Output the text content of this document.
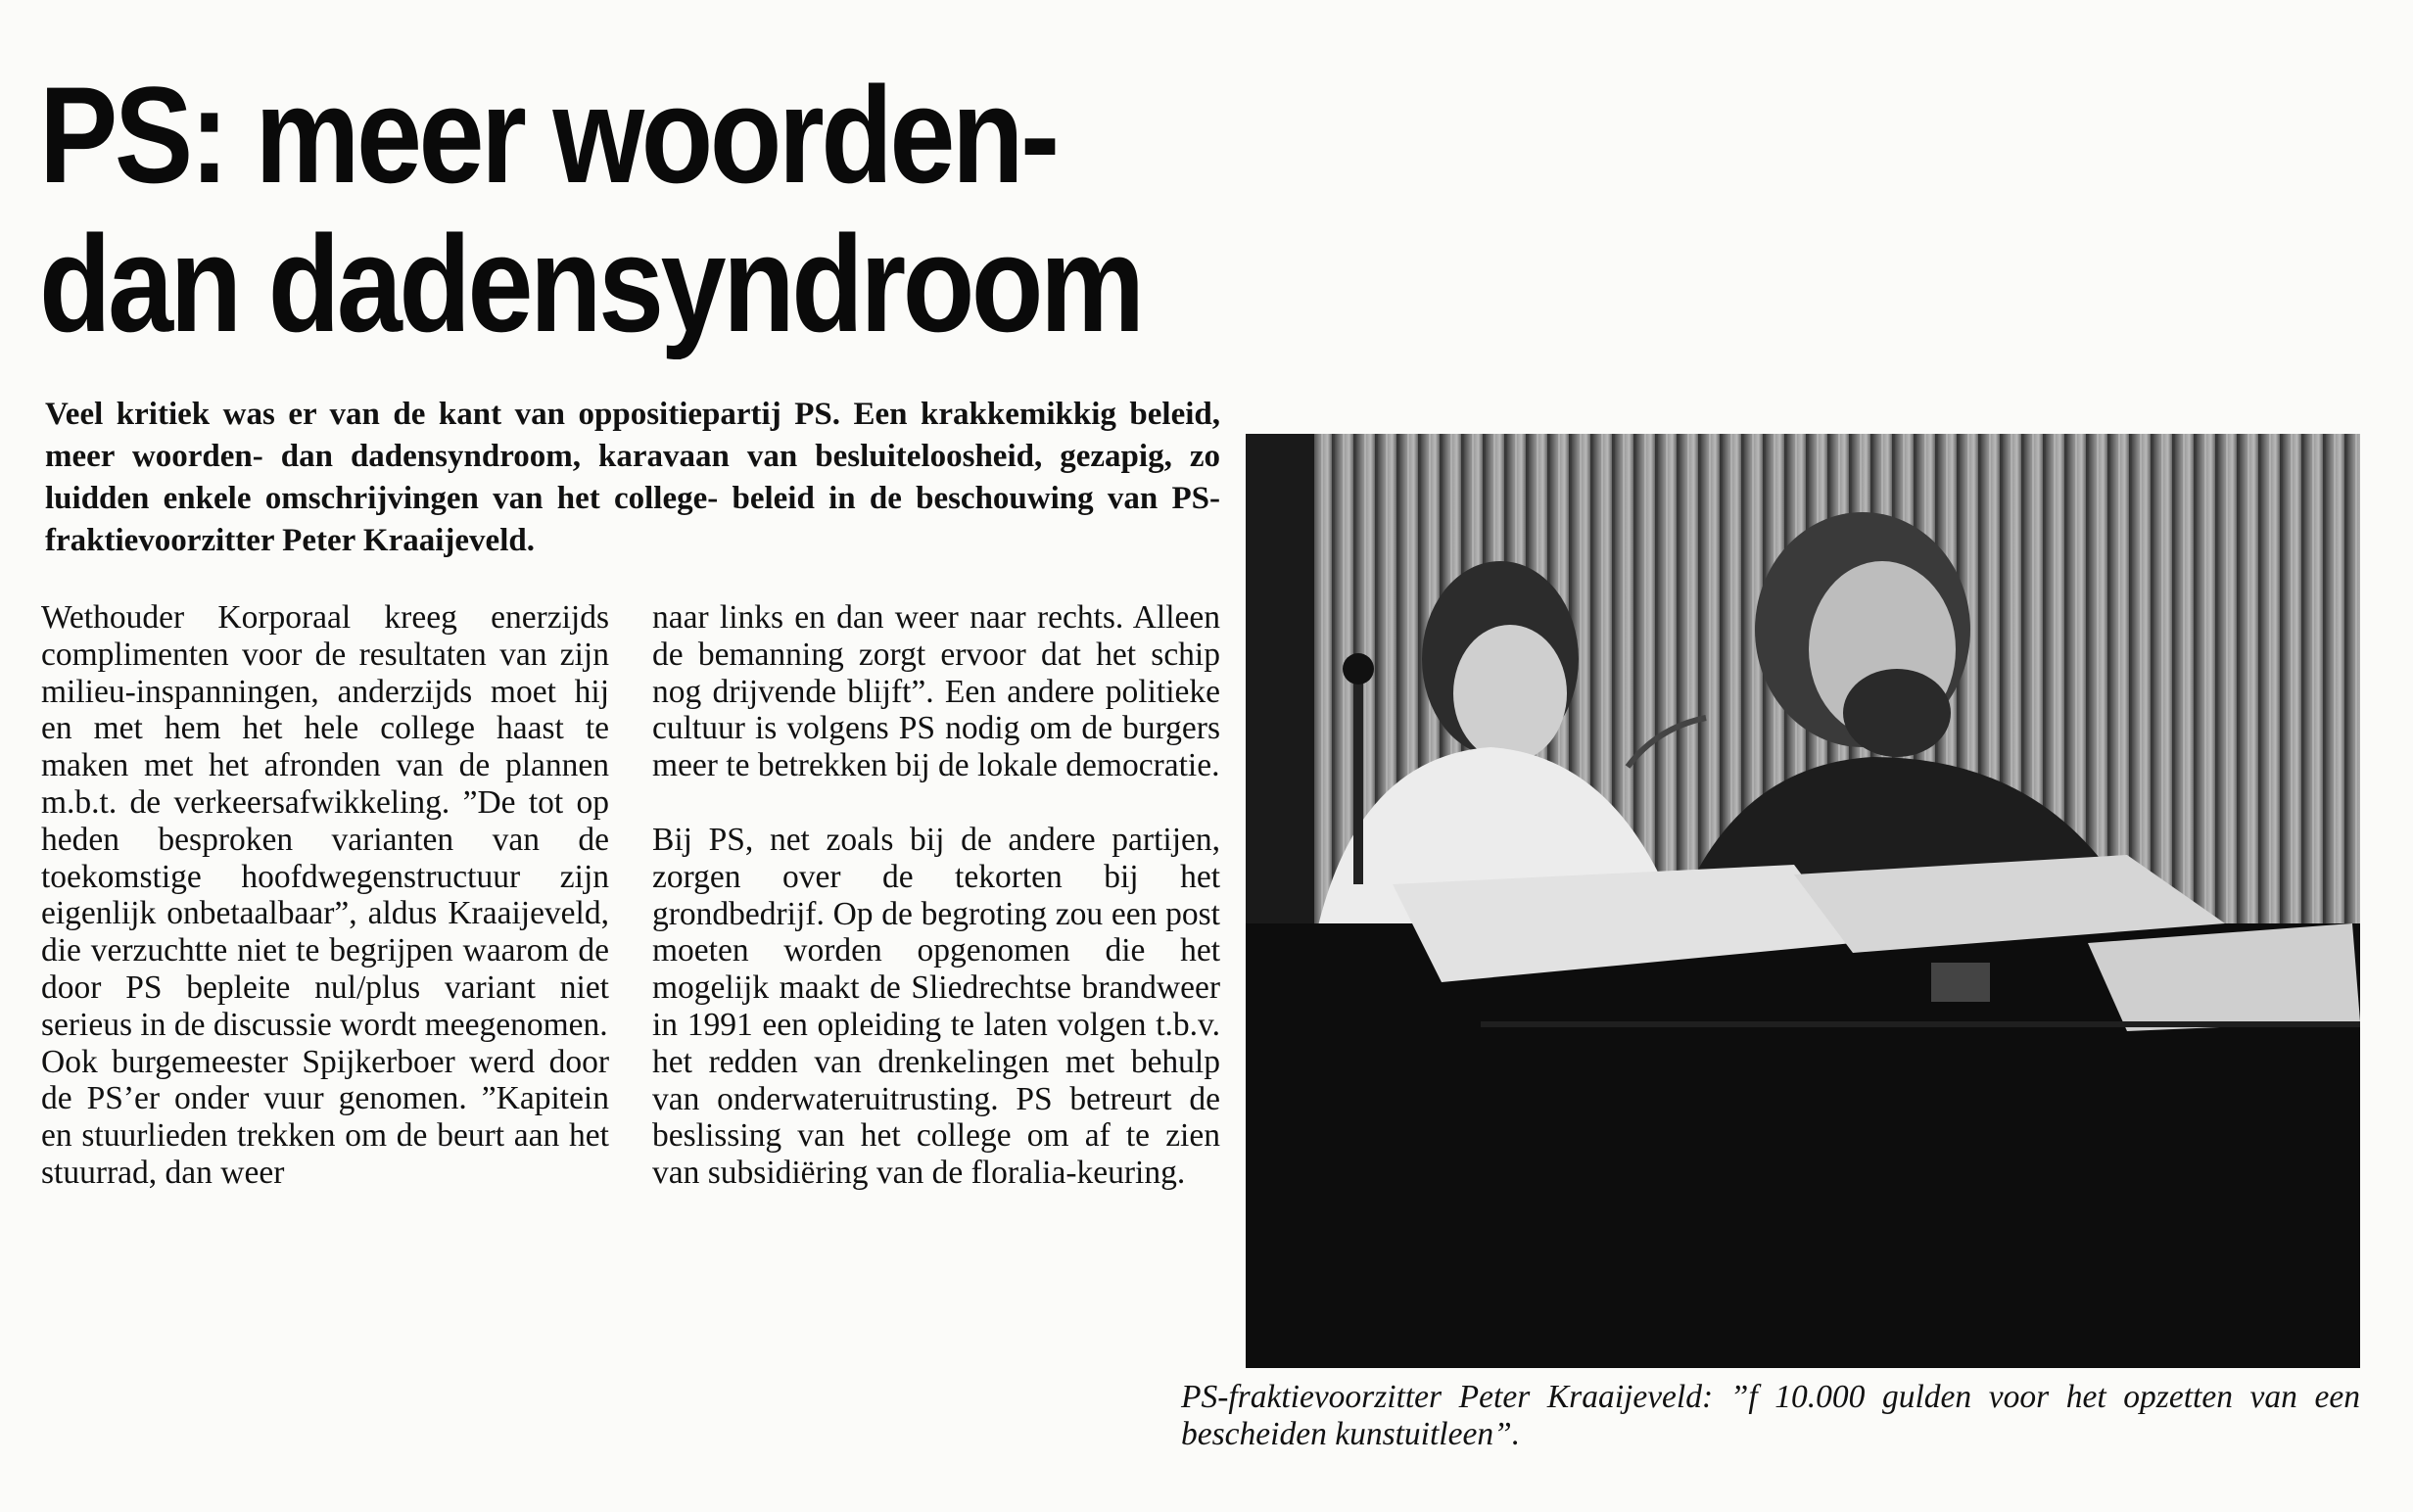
PS: meer woorden-
dan dadensyndroom

Veel kritiek was er van de kant van oppositiepartij PS. Een krakkemikkig beleid, meer woorden- dan dadensyndroom, karavaan van besluiteloosheid, gezapig, zo luidden enkele omschrijvingen van het college- beleid in de beschouwing van PS-fraktievoorzitter Peter Kraaijeveld.

Wethouder Korporaal kreeg enerzijds complimenten voor de resultaten van zijn milieu-inspanningen, anderzijds moet hij en met hem het hele college haast te maken met het afronden van de plannen m.b.t. de verkeersafwikkeling. ”De tot op heden besproken varianten van de toekomstige hoofdwegenstructuur zijn eigenlijk onbetaalbaar”, aldus Kraaijeveld, die verzuchtte niet te begrijpen waarom de door PS bepleite nul/plus variant niet serieus in de discussie wordt meegenomen.

Ook burgemeester Spijkerboer werd door de PS’er onder vuur genomen. ”Kapitein en stuurlieden trekken om de beurt aan het stuurrad, dan weer

naar links en dan weer naar rechts. Alleen de bemanning zorgt ervoor dat het schip nog drijvende blijft”. Een andere politieke cultuur is volgens PS nodig om de burgers meer te betrekken bij de lokale democratie.

Bij PS, net zoals bij de andere partijen, zorgen over de tekorten bij het grondbedrijf. Op de begroting zou een post moeten worden opgenomen die het mogelijk maakt de Sliedrechtse brandweer in 1991 een opleiding te laten volgen t.b.v. het redden van drenkelingen met behulp van onderwateruitrusting. PS betreurt de beslissing van het college om af te zien van subsidiëring van de floralia-keuring.

PS-fraktievoorzitter Peter Kraaijeveld: ”f 10.000 gulden voor het opzetten van een bescheiden kunstuitleen”.
